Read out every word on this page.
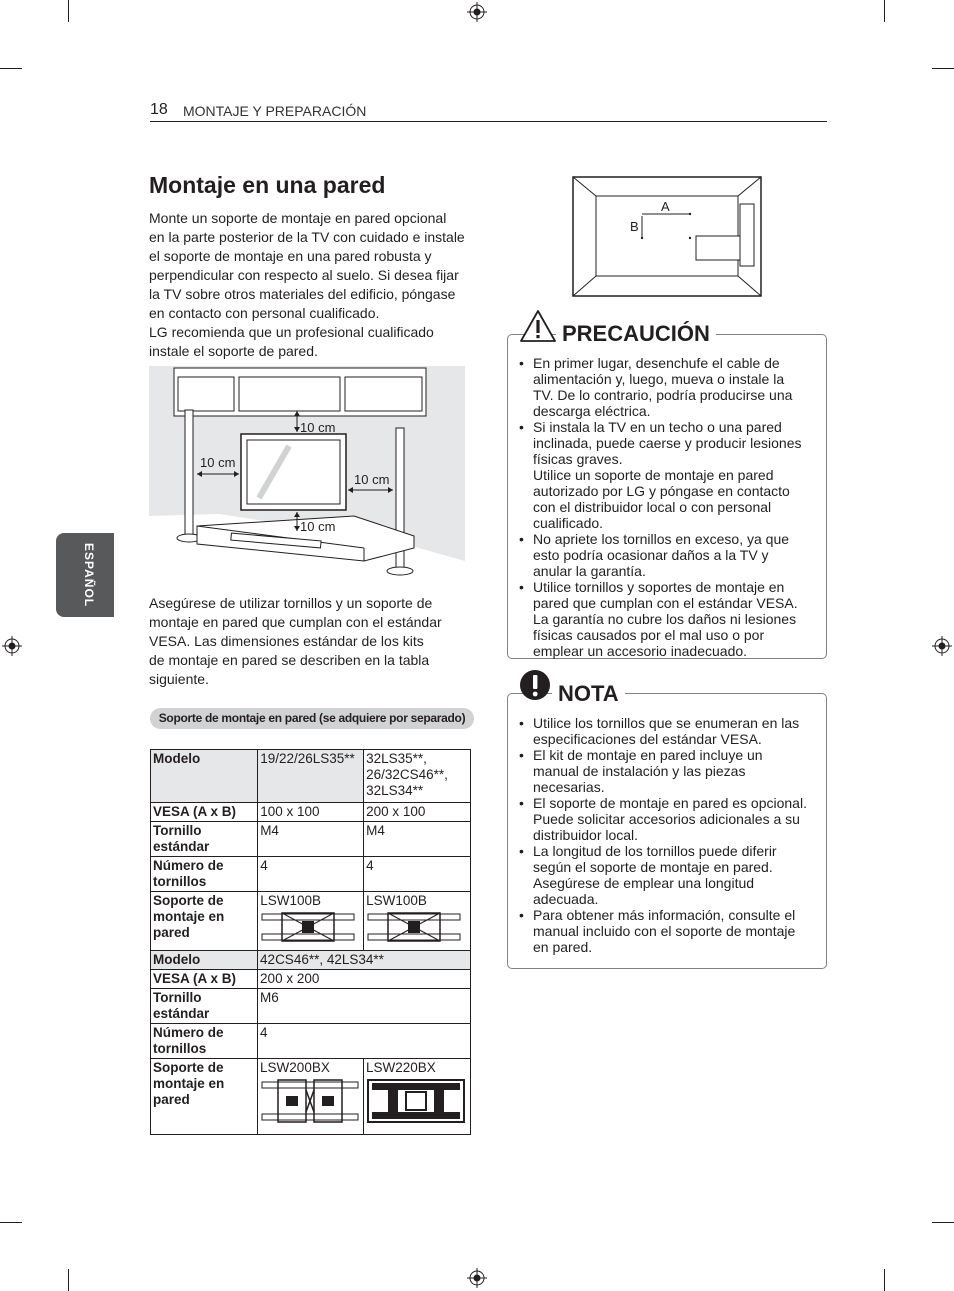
18 MONTAJE Y PREPARACIÓN
ESPAÑOL
Montaje en una pared
Monte un soporte de montaje en pared opcional
en la parte posterior de la TV con cuidado e instale
el soporte de montaje en una pared robusta y
perpendicular con respecto al suelo. Si desea fijar
la TV sobre otros materiales del edificio, póngase
en contacto con personal cualificado.
LG recomienda que un profesional cualificado
instale el soporte de pared.
10 cm
10 cm
10 cm
10 cm
Asegúrese de utilizar tornillos y un soporte de
montaje en pared que cumplan con el estándar
VESA. Las dimensiones estándar de los kits
de montaje en pared se describen en la tabla
siguiente.
Soporte de montaje en pared (se adquiere por separado)
Modelo	19/22/26LS35**	32LS35**,
26/32CS46**,
32LS34**
VESA (A x B)	100 x 100	200 x 100
Tornillo
estándar	M4	M4
Número de
tornillos	4	4
Soporte de
montaje en
pared	LSW100B	LSW100B
Modelo	42CS46**, 42LS34**	
VESA (A x B)	200 x 200	
Tornillo
estándar	M6	
Número de
tornillos	4	
Soporte de
montaje en
pared	LSW200BX	LSW220BX
A
B
• En primer lugar, desenchufe el cable de
alimentación y, luego, mueva o instale la
TV. De lo contrario, podría producirse una
descarga eléctrica.
• Si instala la TV en un techo o una pared
inclinada, puede caerse y producir lesiones
físicas graves.
Utilice un soporte de montaje en pared
autorizado por LG y póngase en contacto
con el distribuidor local o con personal
cualificado.
• No apriete los tornillos en exceso, ya que
esto podría ocasionar daños a la TV y
anular la garantía.
• Utilice tornillos y soportes de montaje en
pared que cumplan con el estándar VESA.
La garantía no cubre los daños ni lesiones
físicas causados por el mal uso o por
emplear un accesorio inadecuado.
PRECAUCIÓN
• Utilice los tornillos que se enumeran en las
especificaciones del estándar VESA.
• El kit de montaje en pared incluye un
manual de instalación y las piezas
necesarias.
• El soporte de montaje en pared es opcional.
Puede solicitar accesorios adicionales a su
distribuidor local.
• La longitud de los tornillos puede diferir
según el soporte de montaje en pared.
Asegúrese de emplear una longitud
adecuada.
• Para obtener más información, consulte el
manual incluido con el soporte de montaje
en pared.
NOTA
